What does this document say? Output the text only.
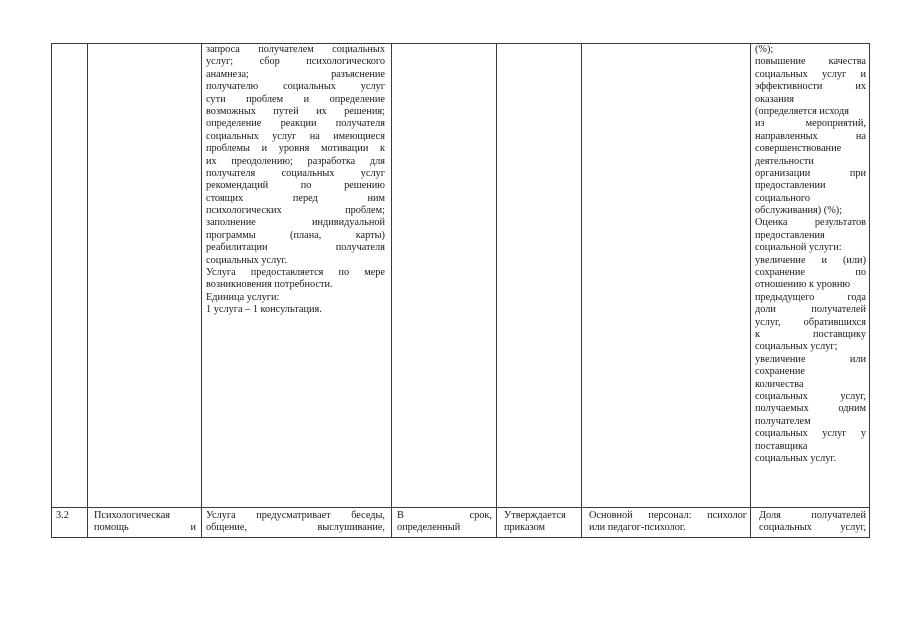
запроса получателем социальных
услуг; сбор психологического
анамнеза; разъяснение
получателю социальных услуг
сути проблем и определение
возможных путей их решения;
определение реакции получателя
социальных услуг на имеющиеся
проблемы и уровня мотивации к
их преодолению; разработка для
получателя социальных услуг
рекомендаций по решению
стоящих перед ним
психологических проблем;
заполнение индивидуальной
программы (плана, карты)
реабилитации получателя
социальных услуг.
Услуга предоставляется по мере
возникновения потребности.
Единица услуги:
1 услуга – 1 консультация.
(%);
повышение качества
социальных услуг и
эффективности их
оказания
(определяется исходя
из мероприятий,
направленных на
совершенствование
деятельности
организации при
предоставлении
социального
обслуживания) (%);
Оценка результатов
предоставления
социальной услуги:
увеличение и (или)
сохранение по
отношению к уровню
предыдущего года
доли получателей
услуг, обратившихся
к поставщику
социальных услуг;
увеличение или
сохранение
количества
социальных услуг,
получаемых одним
получателем
социальных услуг у
поставщика
социальных услуг.
3.2	Психологическая
помощь и
Услуга предусматривает беседы,
общение, выслушивание,
В срок,
определенный
Утверждается
приказом
Основной персонал: психолог
или педагог-психолог.
Доля получателей
социальных услуг,
